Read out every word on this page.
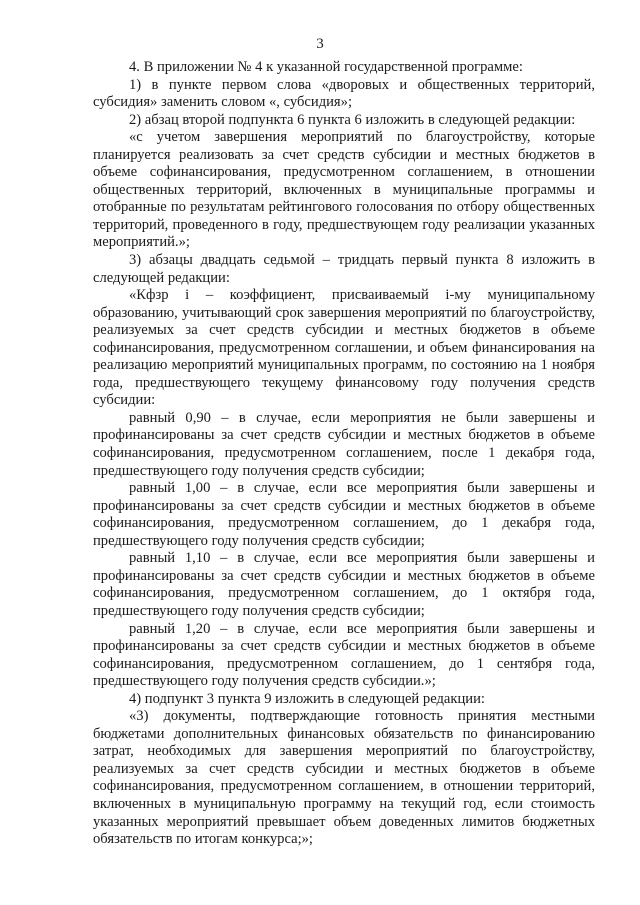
3

4. В приложении № 4 к указанной государственной программе:

1) в пункте первом слова «дворовых и общественных территорий, субсидия» заменить словом «, субсидия»;

2) абзац второй подпункта 6 пункта 6 изложить в следующей редакции:

«с учетом завершения мероприятий по благоустройству, которые планируется реализовать за счет средств субсидии и местных бюджетов в объеме софинансирования, предусмотренном соглашением, в отношении общественных территорий, включенных в муниципальные программы и отобранные по результатам рейтингового голосования по отбору общественных территорий, проведенного в году, предшествующем году реализации указанных мероприятий.»;

3) абзацы двадцать седьмой – тридцать первый пункта 8 изложить в следующей редакции:

«Кфзр i – коэффициент, присваиваемый i-му муниципальному образованию, учитывающий срок завершения мероприятий по благоустройству, реализуемых за счет средств субсидии и местных бюджетов в объеме софинансирования, предусмотренном соглашении, и объем финансирования на реализацию мероприятий муниципальных программ, по состоянию на 1 ноября года, предшествующего текущему финансовому году получения средств субсидии:

равный 0,90 – в случае, если мероприятия не были завершены и профинансированы за счет средств субсидии и местных бюджетов в объеме софинансирования, предусмотренном соглашением, после 1 декабря года, предшествующего году получения средств субсидии;

равный 1,00 – в случае, если все мероприятия были завершены и профинансированы за счет средств субсидии и местных бюджетов в объеме софинансирования, предусмотренном соглашением, до 1 декабря года, предшествующего году получения средств субсидии;

равный 1,10 – в случае, если все мероприятия были завершены и профинансированы за счет средств субсидии и местных бюджетов в объеме софинансирования, предусмотренном соглашением, до 1 октября года, предшествующего году получения средств субсидии;

равный 1,20 – в случае, если все мероприятия были завершены и профинансированы за счет средств субсидии и местных бюджетов в объеме софинансирования, предусмотренном соглашением, до 1 сентября года, предшествующего году получения средств субсидии.»;

4) подпункт 3 пункта 9 изложить в следующей редакции:

«3) документы, подтверждающие готовность принятия местными бюджетами дополнительных финансовых обязательств по финансированию затрат, необходимых для завершения мероприятий по благоустройству, реализуемых за счет средств субсидии и местных бюджетов в объеме софинансирования, предусмотренном соглашением, в отношении территорий, включенных в муниципальную программу на текущий год, если стоимость указанных мероприятий превышает объем доведенных лимитов бюджетных обязательств по итогам конкурса;»;
